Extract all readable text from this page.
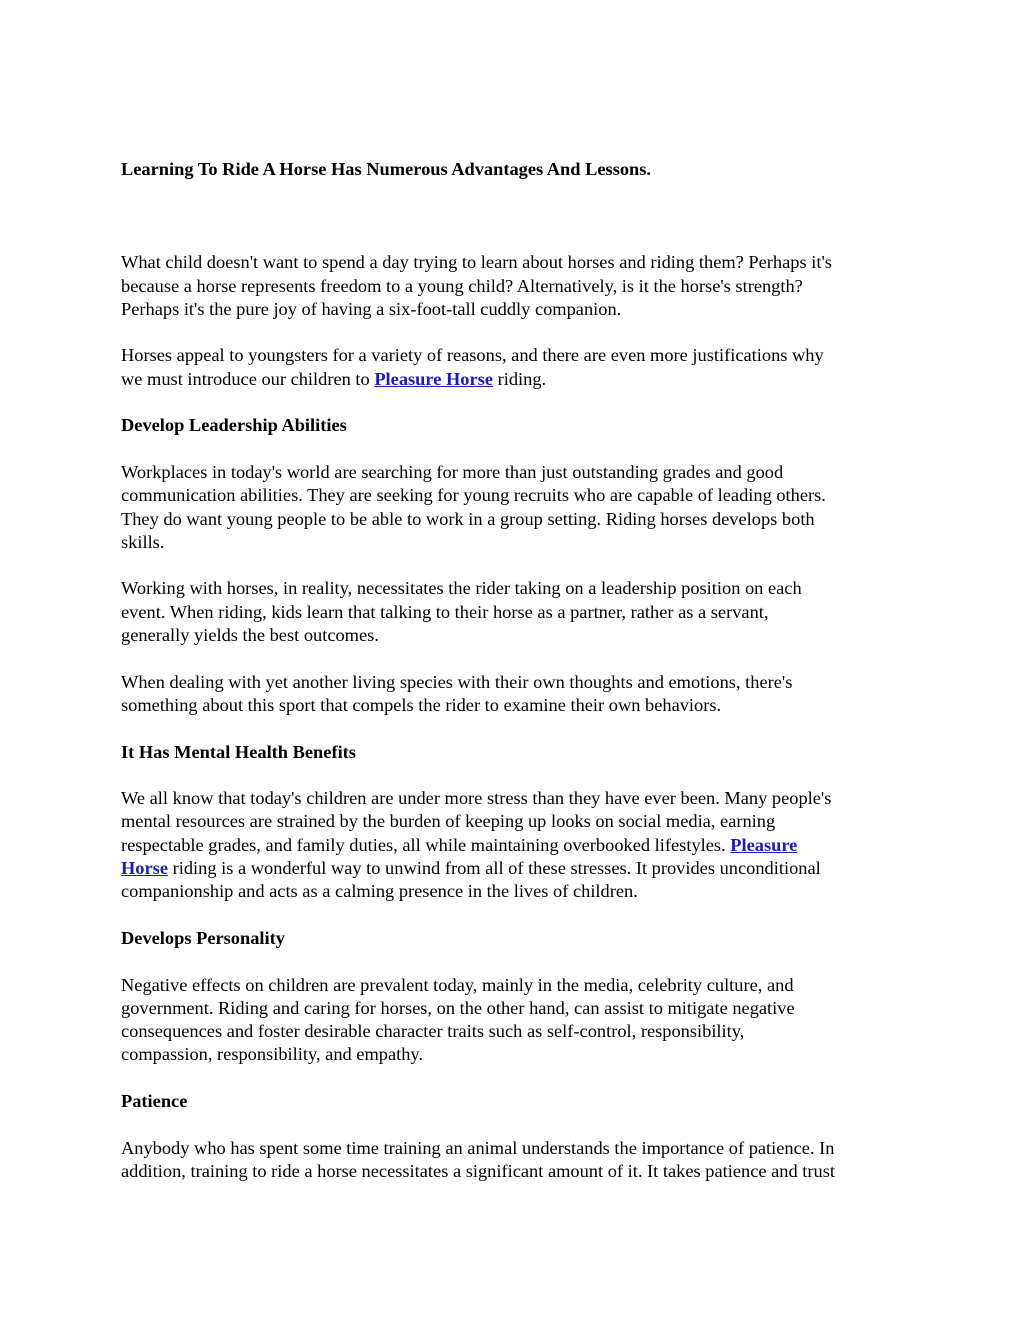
Learning To Ride A Horse Has Numerous Advantages And Lessons.
What child doesn't want to spend a day trying to learn about horses and riding them? Perhaps it's
because a horse represents freedom to a young child? Alternatively, is it the horse's strength?
Perhaps it's the pure joy of having a six-foot-tall cuddly companion.
Horses appeal to youngsters for a variety of reasons, and there are even more justifications why
we must introduce our children to Pleasure Horse riding.
Develop Leadership Abilities
Workplaces in today's world are searching for more than just outstanding grades and good
communication abilities. They are seeking for young recruits who are capable of leading others.
They do want young people to be able to work in a group setting. Riding horses develops both
skills.
Working with horses, in reality, necessitates the rider taking on a leadership position on each
event. When riding, kids learn that talking to their horse as a partner, rather as a servant,
generally yields the best outcomes.
When dealing with yet another living species with their own thoughts and emotions, there's
something about this sport that compels the rider to examine their own behaviors.
It Has Mental Health Benefits
We all know that today's children are under more stress than they have ever been. Many people's
mental resources are strained by the burden of keeping up looks on social media, earning
respectable grades, and family duties, all while maintaining overbooked lifestyles. Pleasure
Horse riding is a wonderful way to unwind from all of these stresses. It provides unconditional
companionship and acts as a calming presence in the lives of children.
Develops Personality
Negative effects on children are prevalent today, mainly in the media, celebrity culture, and
government. Riding and caring for horses, on the other hand, can assist to mitigate negative
consequences and foster desirable character traits such as self-control, responsibility,
compassion, responsibility, and empathy.
Patience
Anybody who has spent some time training an animal understands the importance of patience. In
addition, training to ride a horse necessitates a significant amount of it. It takes patience and trust
